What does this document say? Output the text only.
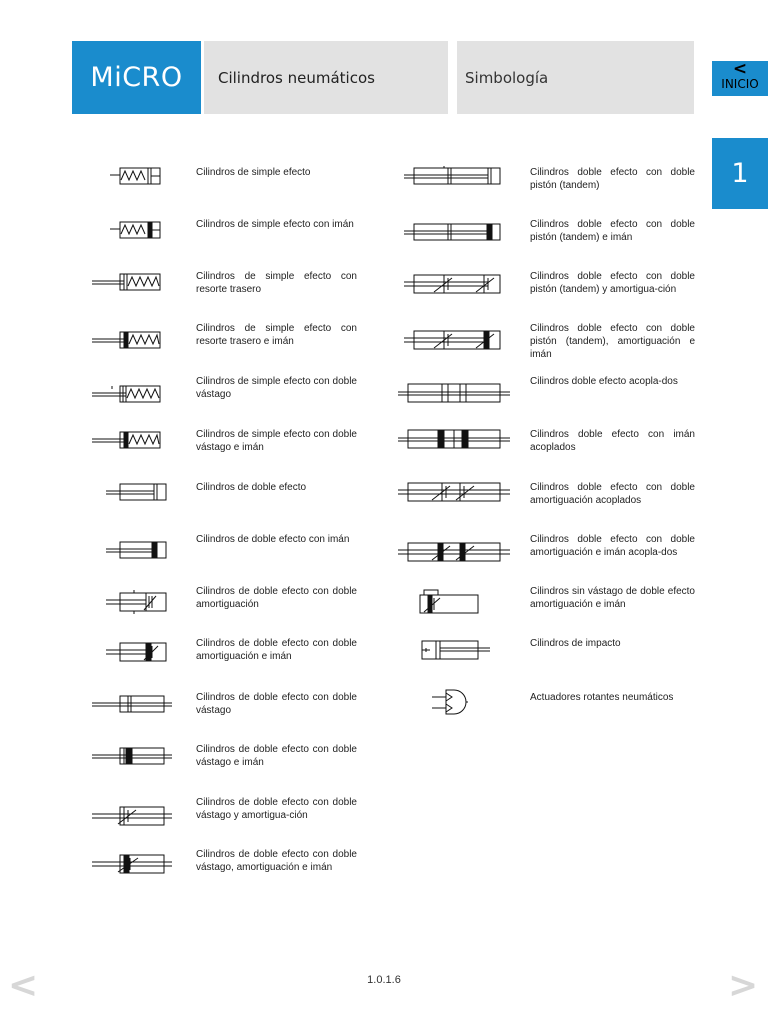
MiCRO	Cilindros neumáticos	Simbología	<
INICIO
1
Cilindros de simple efecto
Cilindros de simple efecto con imán
Cilindros de simple efecto con resorte trasero
Cilindros de simple efecto con resorte trasero e imán
Cilindros de simple efecto con doble vástago
Cilindros de simple efecto con doble vástago e imán
Cilindros de doble efecto
Cilindros de doble efecto con imán
Cilindros de doble efecto con doble amortiguación
Cilindros de doble efecto con doble amortiguación e imán
Cilindros de doble efecto con doble vástago
Cilindros de doble efecto con doble vástago e imán
Cilindros de doble efecto con doble vástago y amortigua-ción
Cilindros de doble efecto con doble vástago, amortiguación e imán
Cilindros doble efecto con doble pistón (tandem)
Cilindros doble efecto con doble pistón (tandem) e imán
Cilindros doble efecto con doble pistón (tandem) y amortigua-ción
Cilindros doble efecto con doble pistón (tandem), amortiguación e imán
Cilindros doble efecto acopla-dos
Cilindros doble efecto con imán acoplados
Cilindros doble efecto con doble amortiguación acoplados
Cilindros doble efecto con doble amortiguación e imán acopla-dos
Cilindros sin vástago de doble efecto amortiguación e imán
Cilindros de impacto
Actuadores rotantes neumáticos
<	1.0.1.6	>
